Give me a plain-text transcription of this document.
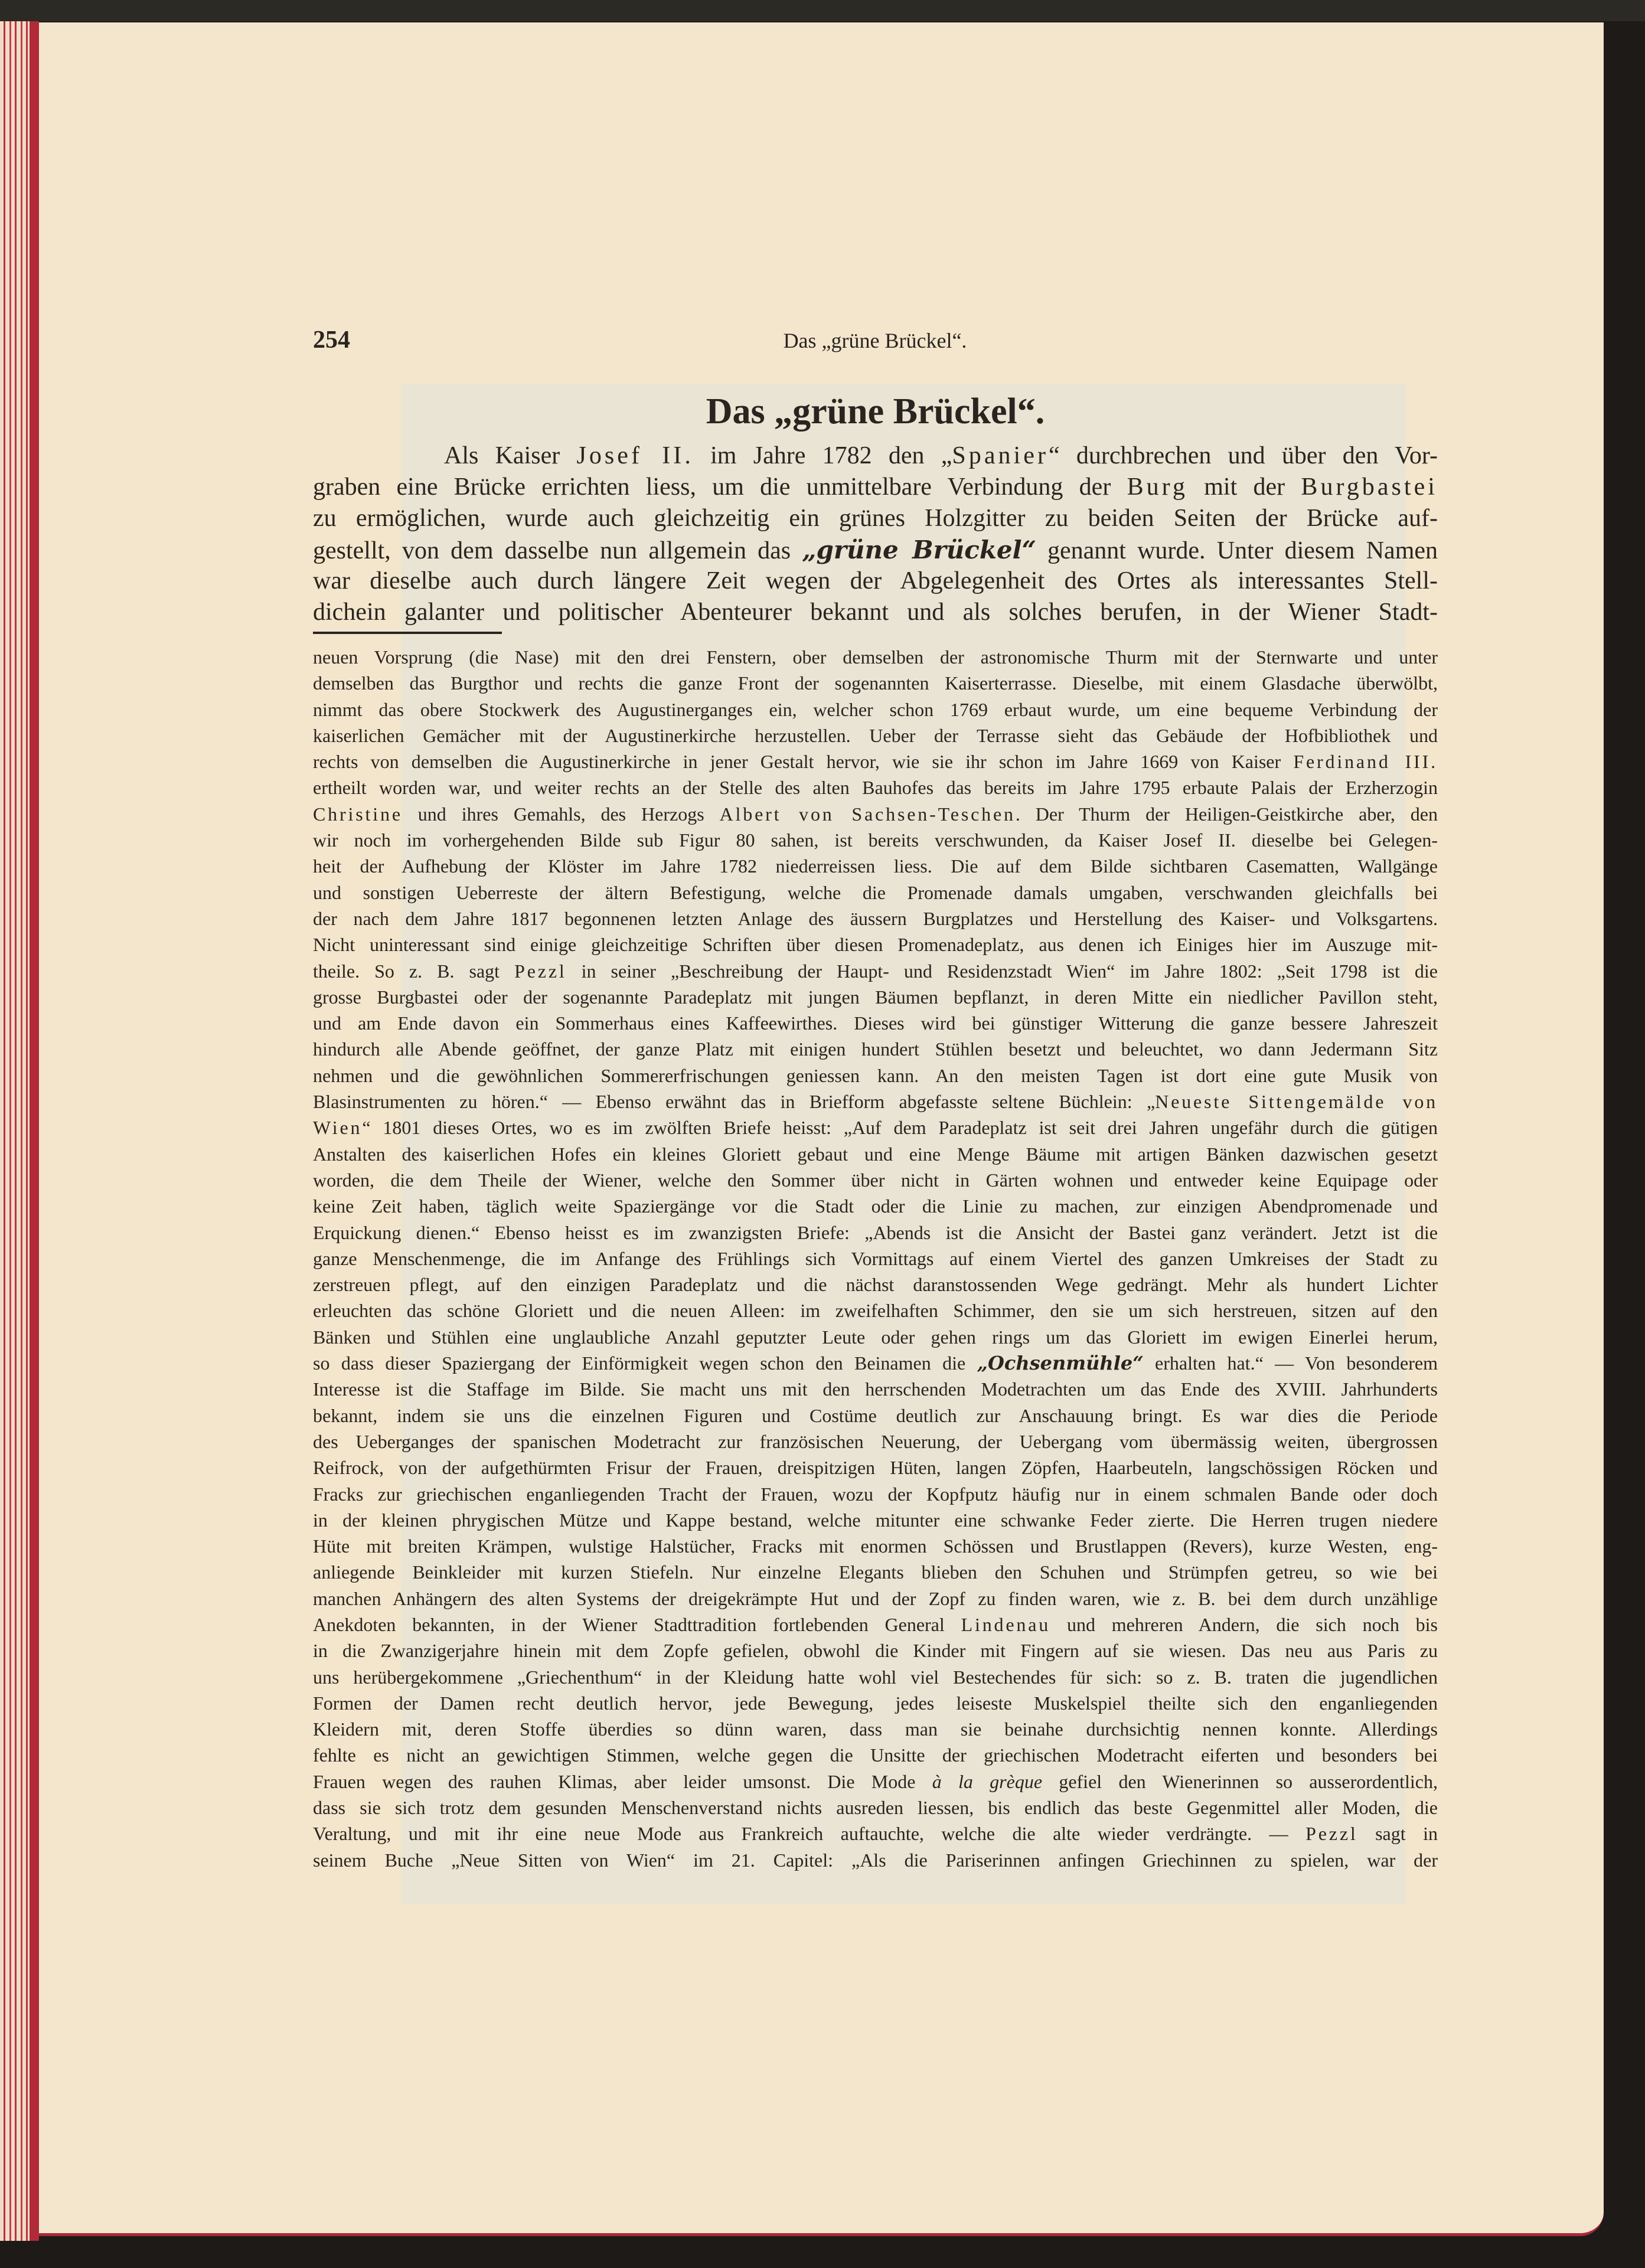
254	Das „grüne Brückel“.
Das „grüne Brückel“.
Als Kaiser Josef II. im Jahre 1782 den „Spanier“ durchbrechen und über den Vor-
graben eine Brücke errichten liess, um die unmittelbare Verbindung der Burg mit der Burgbastei
zu ermöglichen, wurde auch gleichzeitig ein grünes Holzgitter zu beiden Seiten der Brücke auf-
gestellt, von dem dasselbe nun allgemein das „grüne Brückel“ genannt wurde. Unter diesem Namen
war dieselbe auch durch längere Zeit wegen der Abgelegenheit des Ortes als interessantes Stell-
dichein galanter und politischer Abenteurer bekannt und als solches berufen, in der Wiener Stadt-
neuen Vorsprung (die Nase) mit den drei Fenstern, ober demselben der astronomische Thurm mit der Sternwarte und unter
demselben das Burgthor und rechts die ganze Front der sogenannten Kaiserterrasse. Dieselbe, mit einem Glasdache überwölbt,
nimmt das obere Stockwerk des Augustinerganges ein, welcher schon 1769 erbaut wurde, um eine bequeme Verbindung der
kaiserlichen Gemächer mit der Augustinerkirche herzustellen. Ueber der Terrasse sieht das Gebäude der Hofbibliothek und
rechts von demselben die Augustinerkirche in jener Gestalt hervor, wie sie ihr schon im Jahre 1669 von Kaiser Ferdinand III.
ertheilt worden war, und weiter rechts an der Stelle des alten Bauhofes das bereits im Jahre 1795 erbaute Palais der Erzherzogin
Christine und ihres Gemahls, des Herzogs Albert von Sachsen-Teschen. Der Thurm der Heiligen-Geistkirche aber, den
wir noch im vorhergehenden Bilde sub Figur 80 sahen, ist bereits verschwunden, da Kaiser Josef II. dieselbe bei Gelegen-
heit der Aufhebung der Klöster im Jahre 1782 niederreissen liess. Die auf dem Bilde sichtbaren Casematten, Wallgänge
und sonstigen Ueberreste der ältern Befestigung, welche die Promenade damals umgaben, verschwanden gleichfalls bei
der nach dem Jahre 1817 begonnenen letzten Anlage des äussern Burgplatzes und Herstellung des Kaiser- und Volksgartens.
Nicht uninteressant sind einige gleichzeitige Schriften über diesen Promenadeplatz, aus denen ich Einiges hier im Auszuge mit-
theile. So z. B. sagt Pezzl in seiner „Beschreibung der Haupt- und Residenzstadt Wien“ im Jahre 1802: „Seit 1798 ist die
grosse Burgbastei oder der sogenannte Paradeplatz mit jungen Bäumen bepflanzt, in deren Mitte ein niedlicher Pavillon steht,
und am Ende davon ein Sommerhaus eines Kaffeewirthes. Dieses wird bei günstiger Witterung die ganze bessere Jahreszeit
hindurch alle Abende geöffnet, der ganze Platz mit einigen hundert Stühlen besetzt und beleuchtet, wo dann Jedermann Sitz
nehmen und die gewöhnlichen Sommererfrischungen geniessen kann. An den meisten Tagen ist dort eine gute Musik von
Blasinstrumenten zu hören.“ — Ebenso erwähnt das in Briefform abgefasste seltene Büchlein: „Neueste Sittengemälde von
Wien“ 1801 dieses Ortes, wo es im zwölften Briefe heisst: „Auf dem Paradeplatz ist seit drei Jahren ungefähr durch die gütigen
Anstalten des kaiserlichen Hofes ein kleines Gloriett gebaut und eine Menge Bäume mit artigen Bänken dazwischen gesetzt
worden, die dem Theile der Wiener, welche den Sommer über nicht in Gärten wohnen und entweder keine Equipage oder
keine Zeit haben, täglich weite Spaziergänge vor die Stadt oder die Linie zu machen, zur einzigen Abendpromenade und
Erquickung dienen.“ Ebenso heisst es im zwanzigsten Briefe: „Abends ist die Ansicht der Bastei ganz verändert. Jetzt ist die
ganze Menschenmenge, die im Anfange des Frühlings sich Vormittags auf einem Viertel des ganzen Umkreises der Stadt zu
zerstreuen pflegt, auf den einzigen Paradeplatz und die nächst daranstossenden Wege gedrängt. Mehr als hundert Lichter
erleuchten das schöne Gloriett und die neuen Alleen: im zweifelhaften Schimmer, den sie um sich herstreuen, sitzen auf den
Bänken und Stühlen eine unglaubliche Anzahl geputzter Leute oder gehen rings um das Gloriett im ewigen Einerlei herum,
so dass dieser Spaziergang der Einförmigkeit wegen schon den Beinamen die „Ochsenmühle“ erhalten hat.“ — Von besonderem
Interesse ist die Staffage im Bilde. Sie macht uns mit den herrschenden Modetrachten um das Ende des XVIII. Jahrhunderts
bekannt, indem sie uns die einzelnen Figuren und Costüme deutlich zur Anschauung bringt. Es war dies die Periode
des Ueberganges der spanischen Modetracht zur französischen Neuerung, der Uebergang vom übermässig weiten, übergrossen
Reifrock, von der aufgethürmten Frisur der Frauen, dreispitzigen Hüten, langen Zöpfen, Haarbeuteln, langschössigen Röcken und
Fracks zur griechischen enganliegenden Tracht der Frauen, wozu der Kopfputz häufig nur in einem schmalen Bande oder doch
in der kleinen phrygischen Mütze und Kappe bestand, welche mitunter eine schwanke Feder zierte. Die Herren trugen niedere
Hüte mit breiten Krämpen, wulstige Halstücher, Fracks mit enormen Schössen und Brustlappen (Revers), kurze Westen, eng-
anliegende Beinkleider mit kurzen Stiefeln. Nur einzelne Elegants blieben den Schuhen und Strümpfen getreu, so wie bei
manchen Anhängern des alten Systems der dreigekrämpte Hut und der Zopf zu finden waren, wie z. B. bei dem durch unzählige
Anekdoten bekannten, in der Wiener Stadttradition fortlebenden General Lindenau und mehreren Andern, die sich noch bis
in die Zwanzigerjahre hinein mit dem Zopfe gefielen, obwohl die Kinder mit Fingern auf sie wiesen. Das neu aus Paris zu
uns herübergekommene „Griechenthum“ in der Kleidung hatte wohl viel Bestechendes für sich: so z. B. traten die jugendlichen
Formen der Damen recht deutlich hervor, jede Bewegung, jedes leiseste Muskelspiel theilte sich den enganliegenden
Kleidern mit, deren Stoffe überdies so dünn waren, dass man sie beinahe durchsichtig nennen konnte. Allerdings
fehlte es nicht an gewichtigen Stimmen, welche gegen die Unsitte der griechischen Modetracht eiferten und besonders bei
Frauen wegen des rauhen Klimas, aber leider umsonst. Die Mode à la grèque gefiel den Wienerinnen so ausserordentlich,
dass sie sich trotz dem gesunden Menschenverstand nichts ausreden liessen, bis endlich das beste Gegenmittel aller Moden, die
Veraltung, und mit ihr eine neue Mode aus Frankreich auftauchte, welche die alte wieder verdrängte. — Pezzl sagt in
seinem Buche „Neue Sitten von Wien“ im 21. Capitel: „Als die Pariserinnen anfingen Griechinnen zu spielen, war der
